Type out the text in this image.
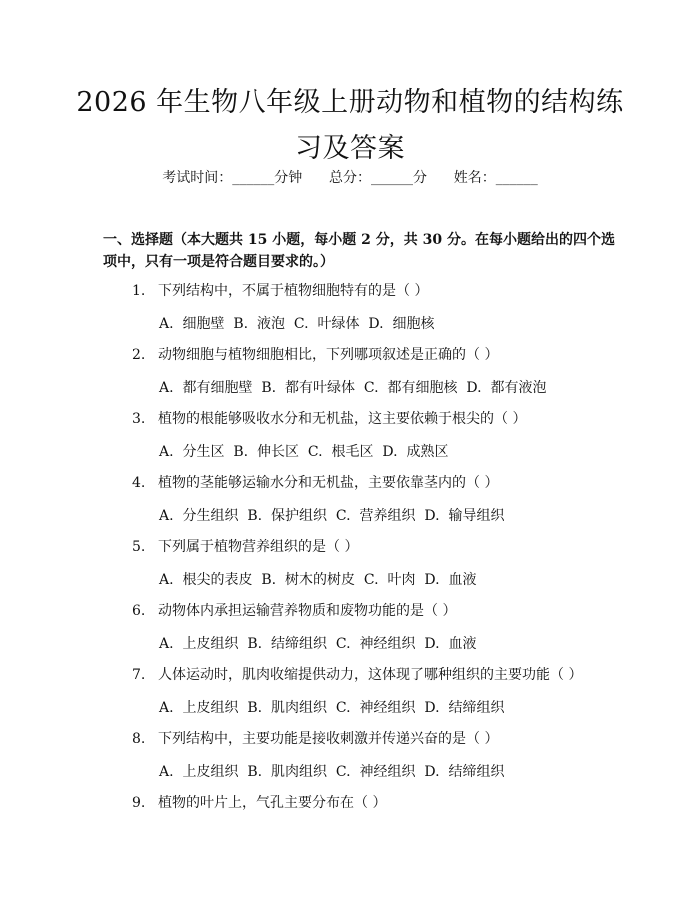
2026 年生物八年级上册动物和植物的结构练
习及答案
考试时间：______分钟      总分：______分      姓名：______
一、选择题（本大题共 15 小题，每小题 2 分，共 30 分。在每小题给出的四个选项中，只有一项是符合题目要求的。）
1. 下列结构中，不属于植物细胞特有的是（ ）
A.  细胞壁  B.  液泡  C.  叶绿体  D.  细胞核
2. 动物细胞与植物细胞相比，下列哪项叙述是正确的（ ）
A.  都有细胞壁  B.  都有叶绿体  C.  都有细胞核  D.  都有液泡
3. 植物的根能够吸收水分和无机盐，这主要依赖于根尖的（ ）
A.  分生区  B.  伸长区  C.  根毛区  D.  成熟区
4. 植物的茎能够运输水分和无机盐，主要依靠茎内的（ ）
A.  分生组织  B.  保护组织  C.  营养组织  D.  输导组织
5. 下列属于植物营养组织的是（ ）
A.  根尖的表皮  B.  树木的树皮  C.  叶肉  D.  血液
6. 动物体内承担运输营养物质和废物功能的是（ ）
A.  上皮组织  B.  结缔组织  C.  神经组织  D.  血液
7. 人体运动时，肌肉收缩提供动力，这体现了哪种组织的主要功能（ ）
A.  上皮组织  B.  肌肉组织  C.  神经组织  D.  结缔组织
8. 下列结构中，主要功能是接收刺激并传递兴奋的是（ ）
A.  上皮组织  B.  肌肉组织  C.  神经组织  D.  结缔组织
9. 植物的叶片上，气孔主要分布在（ ）
